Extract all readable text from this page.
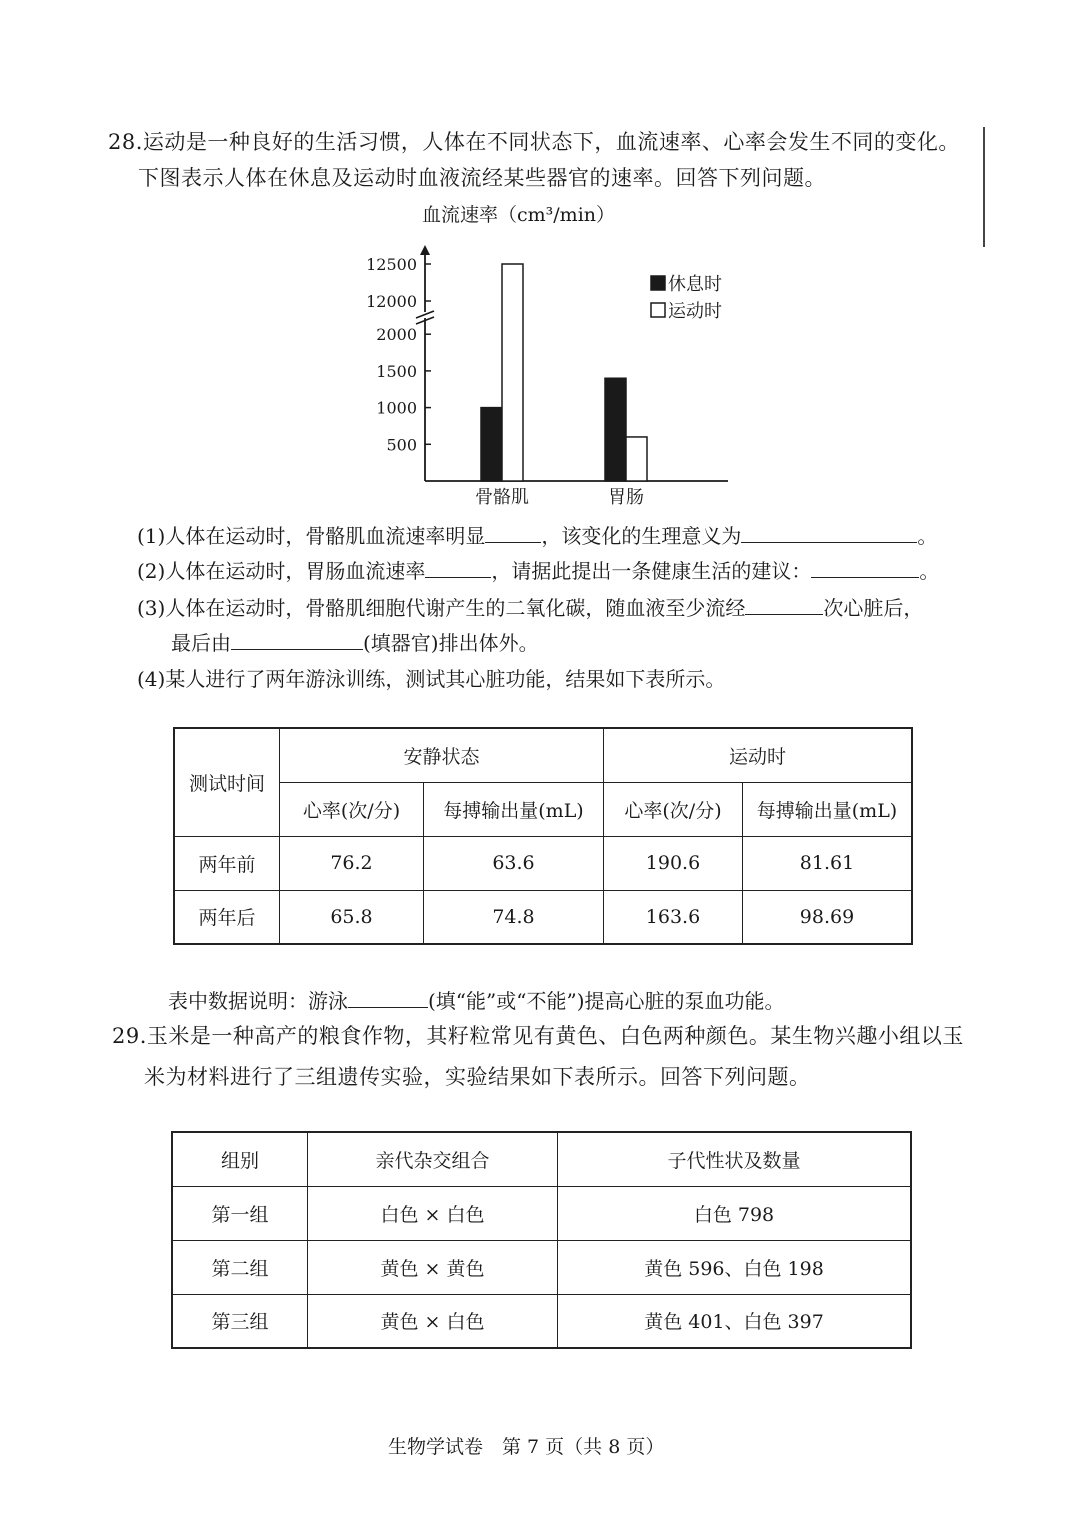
28.运动是一种良好的生活习惯，人体在不同状态下，血流速率、心率会发生不同的变化。
下图表示人体在休息及运动时血液流经某些器官的速率。回答下列问题。
血流速率（cm³/min）
500
1000
1500
2000
12000
12500
骨骼肌	胃肠
休息时
运动时
(1)人体在运动时，骨骼肌血流速率明显	，该变化的生理意义为	。
(2)人体在运动时，胃肠血流速率	，请据此提出一条健康生活的建议：	。
(3)人体在运动时，骨骼肌细胞代谢产生的二氧化碳，随血液至少流经	次心脏后，
最后由	(填器官)排出体外。
(4)某人进行了两年游泳训练，测试其心脏功能，结果如下表所示。
测试时间	安静状态		运动时	
	心率(次/分)	每搏输出量(mL)	心率(次/分)	每搏输出量(mL)
两年前	76.2	63.6	190.6	81.61
两年后	65.8	74.8	163.6	98.69
表中数据说明：游泳	(填“能”或“不能”)提高心脏的泵血功能。
29.玉米是一种高产的粮食作物，其籽粒常见有黄色、白色两种颜色。某生物兴趣小组以玉
米为材料进行了三组遗传实验，实验结果如下表所示。回答下列问题。
组别	亲代杂交组合	子代性状及数量
第一组	白色 × 白色	白色 798
第二组	黄色 × 黄色	黄色 596、白色 198
第三组	黄色 × 白色	黄色 401、白色 397
生物学试卷　第 7 页（共 8 页）
